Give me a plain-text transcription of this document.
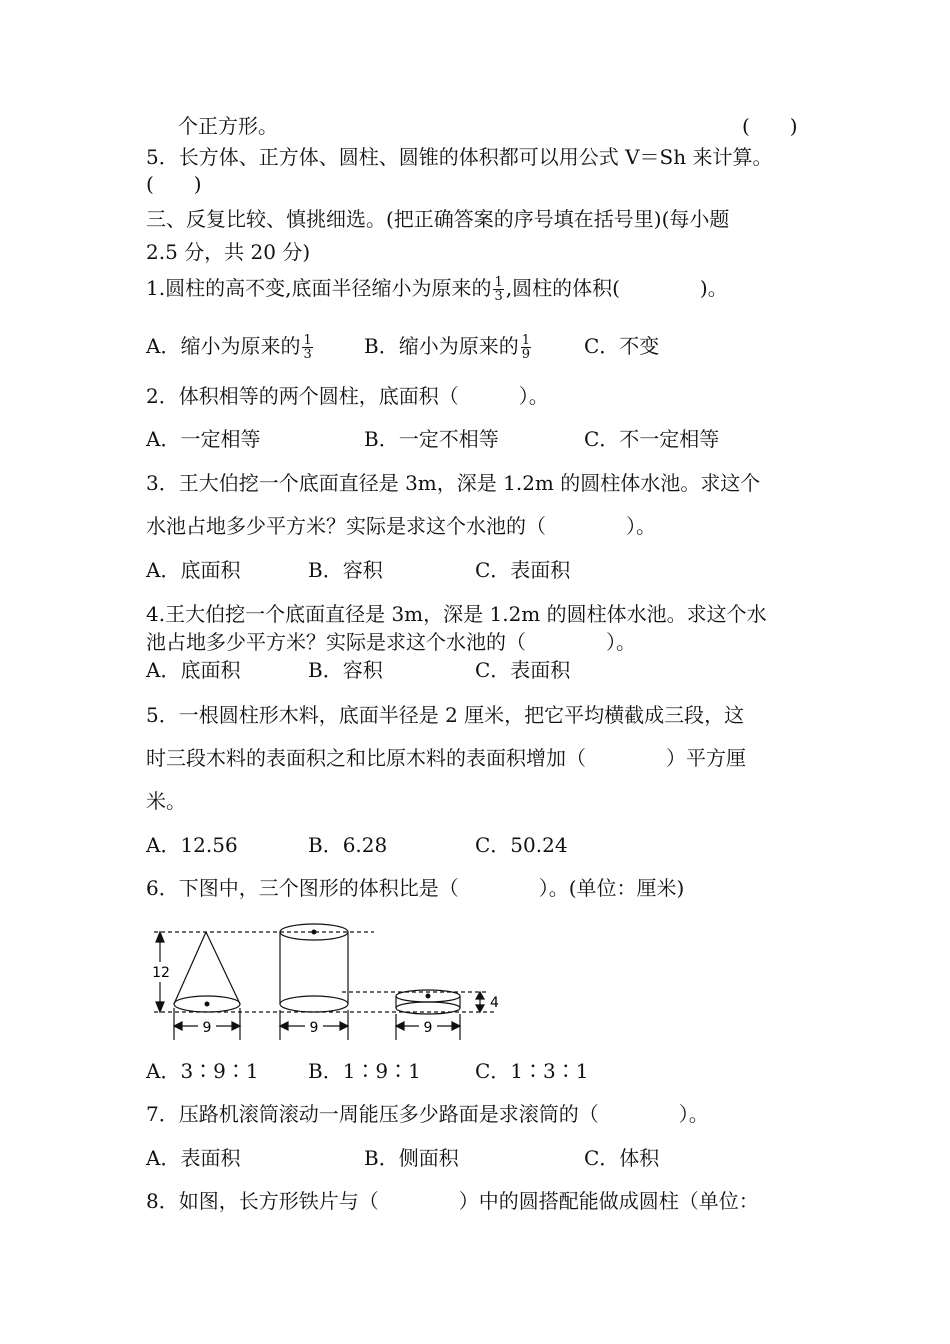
个正方形。	(　　)
5．长方体、正方体、圆柱、圆锥的体积都可以用公式 V＝Sh 来计算。
(　　)
三、反复比较、慎挑细选。(把正确答案的序号填在括号里)(每小题
2.5 分，共 20 分)
1.圆柱的高不变,底面半径缩小为原来的 $\frac{1}{3}$ ,圆柱的体积(　　　　)。
A．缩小为原来的 $\frac{1}{3}$	B．缩小为原来的 $\frac{1}{9}$	C．不变
2．体积相等的两个圆柱，底面积（　　　）。
A．一定相等	B．一定不相等	C．不一定相等
3．王大伯挖一个底面直径是 3m，深是 1.2m 的圆柱体水池。求这个
水池占地多少平方米？实际是求这个水池的（　　　　）。
A．底面积	B．容积	C．表面积
4.王大伯挖一个底面直径是 3m，深是 1.2m 的圆柱体水池。求这个水
池占地多少平方米？实际是求这个水池的（　　　　）。
A．底面积	B．容积	C．表面积
5．一根圆柱形木料，底面半径是 2 厘米，把它平均横截成三段，这
时三段木料的表面积之和比原木料的表面积增加（　　　　）平方厘
米。
A．12.56	B．6.28	C．50.24
6．下图中，三个图形的体积比是（　　　　）。(单位：厘米)
12
9	9	9
4
A．3∶9∶1 B．1∶9∶1	C．1∶3∶1
7．压路机滚筒滚动一周能压多少路面是求滚筒的（　　　　）。
A．表面积	B．侧面积	C．体积
8．如图，长方形铁片与（　　　　）中的圆搭配能做成圆柱（单位：
